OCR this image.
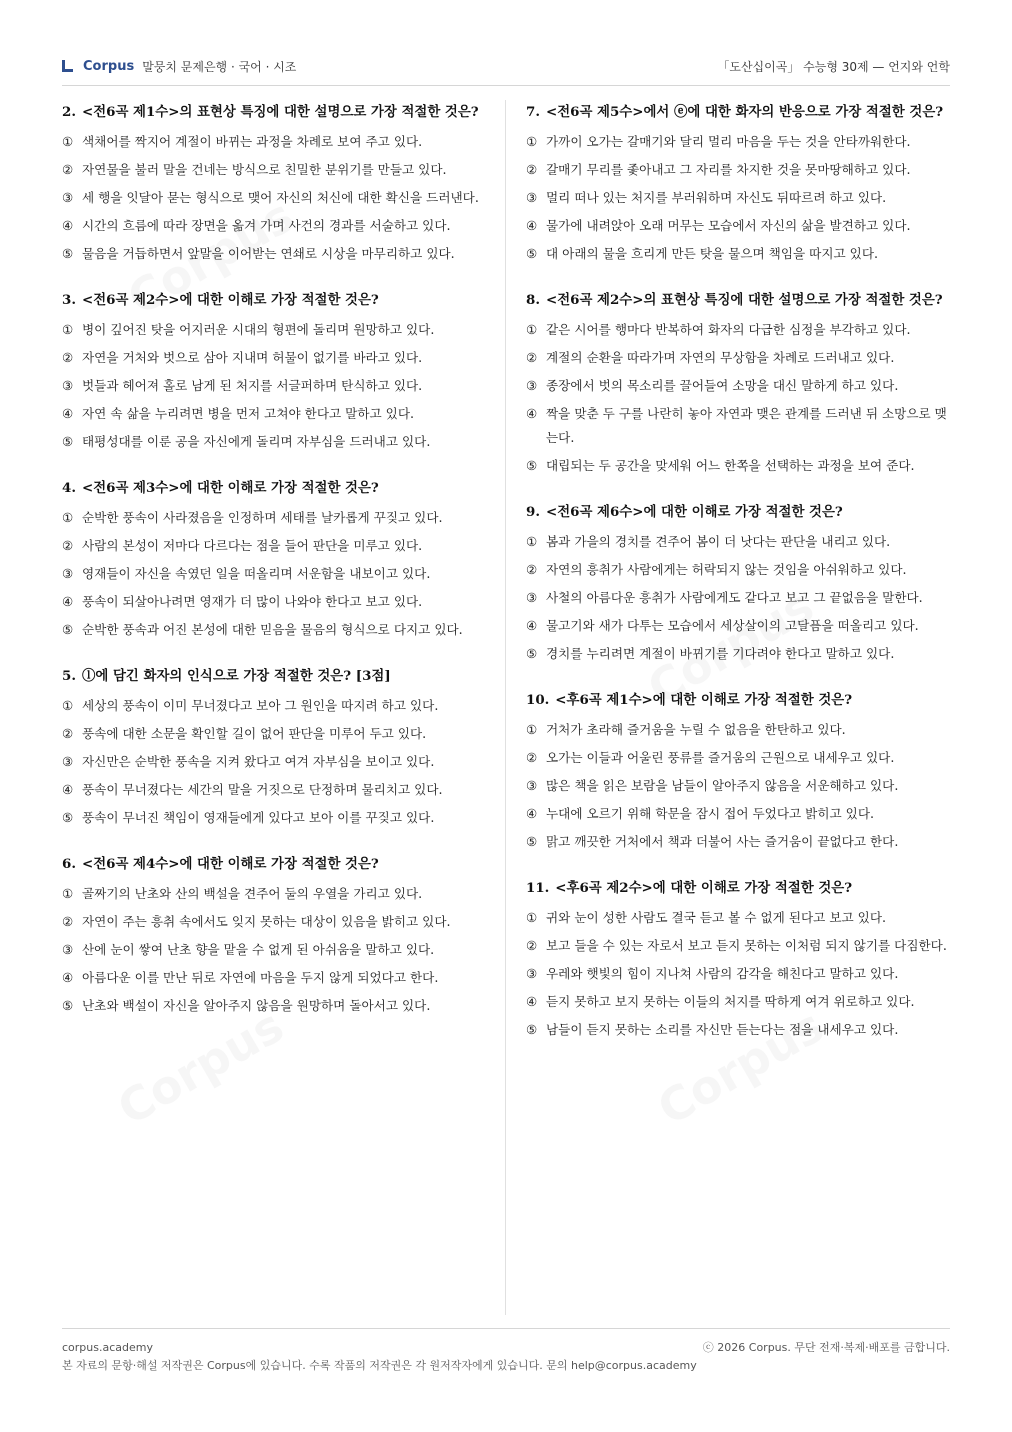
Corpus 말뭉치 문제은행 · 국어 · 시조	「도산십이곡」 수능형 30제 — 언지와 언학
2. <전6곡 제1수>의 표현상 특징에 대한 설명으로 가장 적절한 것은?
① 색채어를 짝지어 계절이 바뀌는 과정을 차례로 보여 주고 있다.
② 자연물을 불러 말을 건네는 방식으로 친밀한 분위기를 만들고 있다.
③ 세 행을 잇달아 묻는 형식으로 맺어 자신의 처신에 대한 확신을 드러낸다.
④ 시간의 흐름에 따라 장면을 옮겨 가며 사건의 경과를 서술하고 있다.
⑤ 물음을 거듭하면서 앞말을 이어받는 연쇄로 시상을 마무리하고 있다.
3. <전6곡 제2수>에 대한 이해로 가장 적절한 것은?
① 병이 깊어진 탓을 어지러운 시대의 형편에 돌리며 원망하고 있다.
② 자연을 거처와 벗으로 삼아 지내며 허물이 없기를 바라고 있다.
③ 벗들과 헤어져 홀로 남게 된 처지를 서글퍼하며 탄식하고 있다.
④ 자연 속 삶을 누리려면 병을 먼저 고쳐야 한다고 말하고 있다.
⑤ 태평성대를 이룬 공을 자신에게 돌리며 자부심을 드러내고 있다.
4. <전6곡 제3수>에 대한 이해로 가장 적절한 것은?
① 순박한 풍속이 사라졌음을 인정하며 세태를 날카롭게 꾸짖고 있다.
② 사람의 본성이 저마다 다르다는 점을 들어 판단을 미루고 있다.
③ 영재들이 자신을 속였던 일을 떠올리며 서운함을 내보이고 있다.
④ 풍속이 되살아나려면 영재가 더 많이 나와야 한다고 보고 있다.
⑤ 순박한 풍속과 어진 본성에 대한 믿음을 물음의 형식으로 다지고 있다.
5. ⓛ에 담긴 화자의 인식으로 가장 적절한 것은? [3점]
① 세상의 풍속이 이미 무너졌다고 보아 그 원인을 따지려 하고 있다.
② 풍속에 대한 소문을 확인할 길이 없어 판단을 미루어 두고 있다.
③ 자신만은 순박한 풍속을 지켜 왔다고 여겨 자부심을 보이고 있다.
④ 풍속이 무너졌다는 세간의 말을 거짓으로 단정하며 물리치고 있다.
⑤ 풍속이 무너진 책임이 영재들에게 있다고 보아 이를 꾸짖고 있다.
6. <전6곡 제4수>에 대한 이해로 가장 적절한 것은?
① 골짜기의 난초와 산의 백설을 견주어 둘의 우열을 가리고 있다.
② 자연이 주는 흥취 속에서도 잊지 못하는 대상이 있음을 밝히고 있다.
③ 산에 눈이 쌓여 난초 향을 맡을 수 없게 된 아쉬움을 말하고 있다.
④ 아름다운 이를 만난 뒤로 자연에 마음을 두지 않게 되었다고 한다.
⑤ 난초와 백설이 자신을 알아주지 않음을 원망하며 돌아서고 있다.
7. <전6곡 제5수>에서 ⓔ에 대한 화자의 반응으로 가장 적절한 것은?
① 가까이 오가는 갈매기와 달리 멀리 마음을 두는 것을 안타까워한다.
② 갈매기 무리를 좇아내고 그 자리를 차지한 것을 못마땅해하고 있다.
③ 멀리 떠나 있는 처지를 부러워하며 자신도 뒤따르려 하고 있다.
④ 물가에 내려앉아 오래 머무는 모습에서 자신의 삶을 발견하고 있다.
⑤ 대 아래의 물을 흐리게 만든 탓을 물으며 책임을 따지고 있다.
8. <전6곡 제2수>의 표현상 특징에 대한 설명으로 가장 적절한 것은?
① 같은 시어를 행마다 반복하여 화자의 다급한 심정을 부각하고 있다.
② 계절의 순환을 따라가며 자연의 무상함을 차례로 드러내고 있다.
③ 종장에서 벗의 목소리를 끌어들여 소망을 대신 말하게 하고 있다.
④ 짝을 맞춘 두 구를 나란히 놓아 자연과 맺은 관계를 드러낸 뒤 소망으로 맺는다.
⑤ 대립되는 두 공간을 맞세워 어느 한쪽을 선택하는 과정을 보여 준다.
9. <전6곡 제6수>에 대한 이해로 가장 적절한 것은?
① 봄과 가을의 경치를 견주어 봄이 더 낫다는 판단을 내리고 있다.
② 자연의 흥취가 사람에게는 허락되지 않는 것임을 아쉬워하고 있다.
③ 사철의 아름다운 흥취가 사람에게도 같다고 보고 그 끝없음을 말한다.
④ 물고기와 새가 다투는 모습에서 세상살이의 고달픔을 떠올리고 있다.
⑤ 경치를 누리려면 계절이 바뀌기를 기다려야 한다고 말하고 있다.
10. <후6곡 제1수>에 대한 이해로 가장 적절한 것은?
① 거처가 초라해 즐거움을 누릴 수 없음을 한탄하고 있다.
② 오가는 이들과 어울린 풍류를 즐거움의 근원으로 내세우고 있다.
③ 많은 책을 읽은 보람을 남들이 알아주지 않음을 서운해하고 있다.
④ 누대에 오르기 위해 학문을 잠시 접어 두었다고 밝히고 있다.
⑤ 맑고 깨끗한 거처에서 책과 더불어 사는 즐거움이 끝없다고 한다.
11. <후6곡 제2수>에 대한 이해로 가장 적절한 것은?
① 귀와 눈이 성한 사람도 결국 듣고 볼 수 없게 된다고 보고 있다.
② 보고 들을 수 있는 자로서 보고 듣지 못하는 이처럼 되지 않기를 다짐한다.
③ 우레와 햇빛의 힘이 지나쳐 사람의 감각을 해친다고 말하고 있다.
④ 듣지 못하고 보지 못하는 이들의 처지를 딱하게 여겨 위로하고 있다.
⑤ 남들이 듣지 못하는 소리를 자신만 듣는다는 점을 내세우고 있다.
corpus.academy	ⓒ 2026 Corpus. 무단 전재·복제·배포를 금합니다.
본 자료의 문항·해설 저작권은 Corpus에 있습니다. 수록 작품의 저작권은 각 원저작자에게 있습니다. 문의 help@corpus.academy
